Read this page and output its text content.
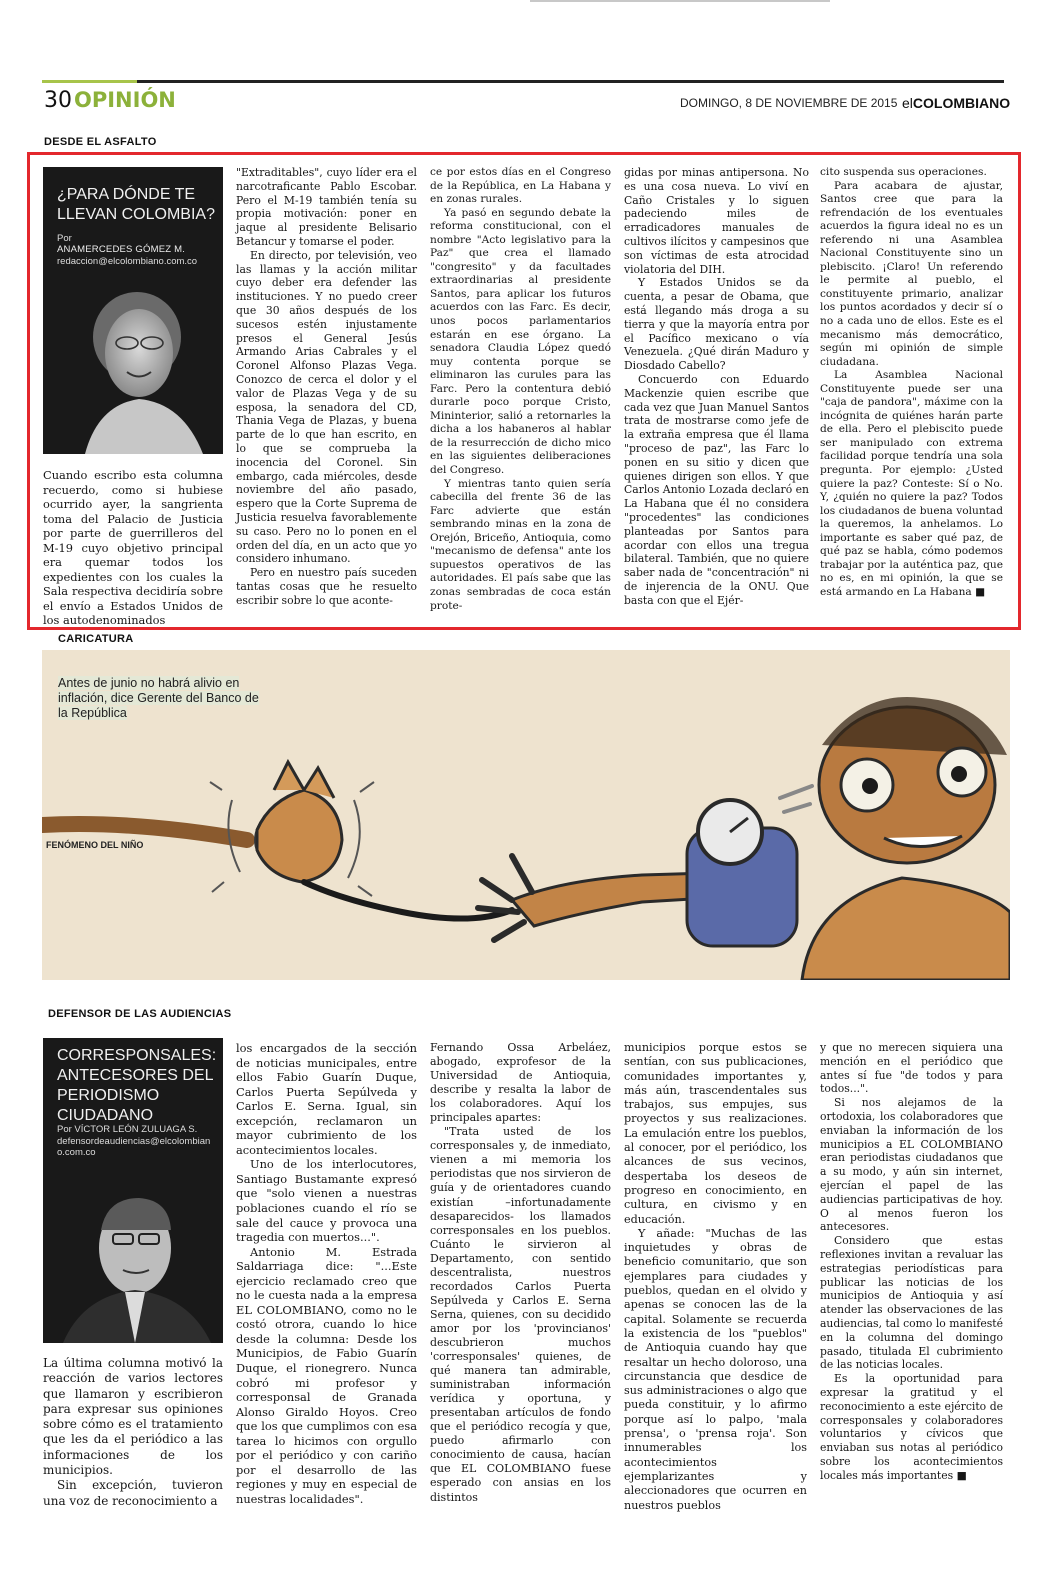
30 OPINIÓN	DOMINGO, 8 DE NOVIEMBRE DE 2015 elCOLOMBIANO
DESDE EL ASFALTO
¿PARA DÓNDE TE LLEVAN COLOMBIA?
Por
ANAMERCEDES GÓMEZ M.
redaccion@elcolombiano.com.co

Cuando escribo esta columna recuerdo, como si hubiese ocurrido ayer, la sangrienta toma del Palacio de Justicia por parte de guerrilleros del M-19 cuyo objetivo principal era quemar todos los expedientes con los cuales la Sala respectiva decidiría sobre el envío a Estados Unidos de los autodenominados

"Extraditables", cuyo líder era el narcotraficante Pablo Escobar. Pero el M-19 también tenía su propia motivación: poner en jaque al presidente Belisario Betancur y tomarse el poder.

En directo, por televisión, veo las llamas y la acción militar cuyo deber era defender las instituciones. Y no puedo creer que 30 años después de los sucesos estén injustamente presos el General Jesús Armando Arias Cabrales y el Coronel Alfonso Plazas Vega. Conozco de cerca el dolor y el valor de Plazas Vega y de su esposa, la senadora del CD, Thania Vega de Plazas, y buena parte de lo que han escrito, en lo que se comprueba la inocencia del Coronel. Sin embargo, cada miércoles, desde noviembre del año pasado, espero que la Corte Suprema de Justicia resuelva favorablemente su caso. Pero no lo ponen en el orden del día, en un acto que yo considero inhumano.

Pero en nuestro país suceden tantas cosas que he resuelto escribir sobre lo que aconte-

ce por estos días en el Congreso de la República, en La Habana y en zonas rurales.

Ya pasó en segundo debate la reforma constitucional, con el nombre "Acto legislativo para la Paz" que crea el llamado "congresito" y da facultades extraordinarias al presidente Santos, para aplicar los futuros acuerdos con las Farc. Es decir, unos pocos parlamentarios estarán en ese órgano. La senadora Claudia López quedó muy contenta porque se eliminaron las curules para las Farc. Pero la contentura debió durarle poco porque Cristo, Mininterior, salió a retornarles la dicha a los habaneros al hablar de la resurrección de dicho mico en las siguientes deliberaciones del Congreso.

Y mientras tanto quien sería cabecilla del frente 36 de las Farc advierte que están sembrando minas en la zona de Orejón, Briceño, Antioquia, como "mecanismo de defensa" ante los supuestos operativos de las autoridades. El país sabe que las zonas sembradas de coca están prote-

gidas por minas antipersona. No es una cosa nueva. Lo viví en Caño Cristales y lo siguen padeciendo miles de erradicadores manuales de cultivos ilícitos y campesinos que son víctimas de esta atrocidad violatoria del DIH.

Y Estados Unidos se da cuenta, a pesar de Obama, que está llegando más droga a su tierra y que la mayoría entra por el Pacífico mexicano o vía Venezuela. ¿Qué dirán Maduro y Diosdado Cabello?

Concuerdo con Eduardo Mackenzie quien escribe que cada vez que Juan Manuel Santos trata de mostrarse como jefe de la extraña empresa que él llama "proceso de paz", las Farc lo ponen en su sitio y dicen que quienes dirigen son ellos. Y que Carlos Antonio Lozada declaró en La Habana que él no considera "procedentes" las condiciones planteadas por Santos para acordar con ellos una tregua bilateral. También, que no quiere saber nada de "concentración" ni de injerencia de la ONU. Que basta con que el Ejér-

cito suspenda sus operaciones.

Para acabara de ajustar, Santos cree que para la refrendación de los eventuales acuerdos la figura ideal no es un referendo ni una Asamblea Nacional Constituyente sino un plebiscito. ¡Claro! Un referendo le permite al pueblo, el constituyente primario, analizar los puntos acordados y decir sí o no a cada uno de ellos. Este es el mecanismo más democrático, según mi opinión de simple ciudadana.

La Asamblea Nacional Constituyente puede ser una "caja de pandora", máxime con la incógnita de quiénes harán parte de ella. Pero el plebiscito puede ser manipulado con extrema facilidad porque tendría una sola pregunta. Por ejemplo: ¿Usted quiere la paz? Conteste: Sí o No. Y, ¿quién no quiere la paz? Todos los ciudadanos de buena voluntad la queremos, la anhelamos. Lo importante es saber qué paz, de qué paz se habla, cómo podemos trabajar por la auténtica paz, que no es, en mi opinión, la que se está armando en La Habana ■

CARICATURA
FENÓMENO DEL NIÑO
Antes de junio no habrá alivio en inflación, dice Gerente del Banco de la República
DEFENSOR DE LAS AUDIENCIAS
CORRESPONSALES: ANTECESORES DEL PERIODISMO CIUDADANO
Por VÍCTOR LEÓN ZULUAGA S.
defensordeaudiencias@elcolombiano.com.co

La última columna motivó la reacción de varios lectores que llamaron y escribieron para expresar sus opiniones sobre cómo es el tratamiento que les da el periódico a las informaciones de los municipios.

Sin excepción, tuvieron una voz de reconocimiento a

los encargados de la sección de noticias municipales, entre ellos Fabio Guarín Duque, Carlos Puerta Sepúlveda y Carlos E. Serna. Igual, sin excepción, reclamaron un mayor cubrimiento de los acontecimientos locales.

Uno de los interlocutores, Santiago Bustamante expresó que "solo vienen a nuestras poblaciones cuando el río se sale del cauce y provoca una tragedia con muertos...".

Antonio M. Estrada Saldarriaga dice: "...Este ejercicio reclamado creo que no le cuesta nada a la empresa EL COLOMBIANO, como no le costó otrora, cuando lo hice desde la columna: Desde los Municipios, de Fabio Guarín Duque, el rionegrero. Nunca cobró mi profesor y corresponsal de Granada Alonso Giraldo Hoyos. Creo que los que cumplimos con esa tarea lo hicimos con orgullo por el periódico y con cariño por el desarrollo de las regiones y muy en especial de nuestras localidades".

Fernando Ossa Arbeláez, abogado, exprofesor de la Universidad de Antioquia, describe y resalta la labor de los colaboradores. Aquí los principales apartes:

"Trata usted de los corresponsales y, de inmediato, vienen a mi memoria los periodistas que nos sirvieron de guía y de orientadores cuando existían –infortunadamente desaparecidos- los llamados corresponsales en los pueblos. Cuánto le sirvieron al Departamento, con sentido descentralista, nuestros recordados Carlos Puerta Sepúlveda y Carlos E. Serna Serna, quienes, con su decidido amor por los 'provincianos' descubrieron muchos 'corresponsales' quienes, de qué manera tan admirable, suministraban información verídica y oportuna, y presentaban artículos de fondo que el periódico recogía y que, puedo afirmarlo con conocimiento de causa, hacían que EL COLOMBIANO fuese esperado con ansias en los distintos

municipios porque estos se sentían, con sus publicaciones, comunidades importantes y, más aún, trascendentales sus trabajos, sus empujes, sus proyectos y sus realizaciones. La emulación entre los pueblos, al conocer, por el periódico, los alcances de sus vecinos, despertaba los deseos de progreso en conocimiento, en cultura, en civismo y en educación.

Y añade: "Muchas de las inquietudes y obras de beneficio comunitario, que son ejemplares para ciudades y pueblos, quedan en el olvido y apenas se conocen las de la capital. Solamente se recuerda la existencia de los "pueblos" de Antioquia cuando hay que resaltar un hecho doloroso, una circunstancia que desdice de sus administraciones o algo que pueda constituir, y lo afirmo porque así lo palpo, 'mala prensa', o 'prensa roja'. Son innumerables los acontecimientos ejemplarizantes y aleccionadores que ocurren en nuestros pueblos

y que no merecen siquiera una mención en el periódico que antes sí fue "de todos y para todos...".

Si nos alejamos de la ortodoxia, los colaboradores que enviaban la información de los municipios a EL COLOMBIANO eran periodistas ciudadanos que a su modo, y aún sin internet, ejercían el papel de las audiencias participativas de hoy. O al menos fueron los antecesores.

Considero que estas reflexiones invitan a revaluar las estrategias periodísticas para publicar las noticias de los municipios de Antioquia y así atender las observaciones de las audiencias, tal como lo manifesté en la columna del domingo pasado, titulada El cubrimiento de las noticias locales.

Es la oportunidad para expresar la gratitud y el reconocimiento a este ejército de corresponsales y colaboradores voluntarios y cívicos que enviaban sus notas al periódico sobre los acontecimientos locales más importantes ■
